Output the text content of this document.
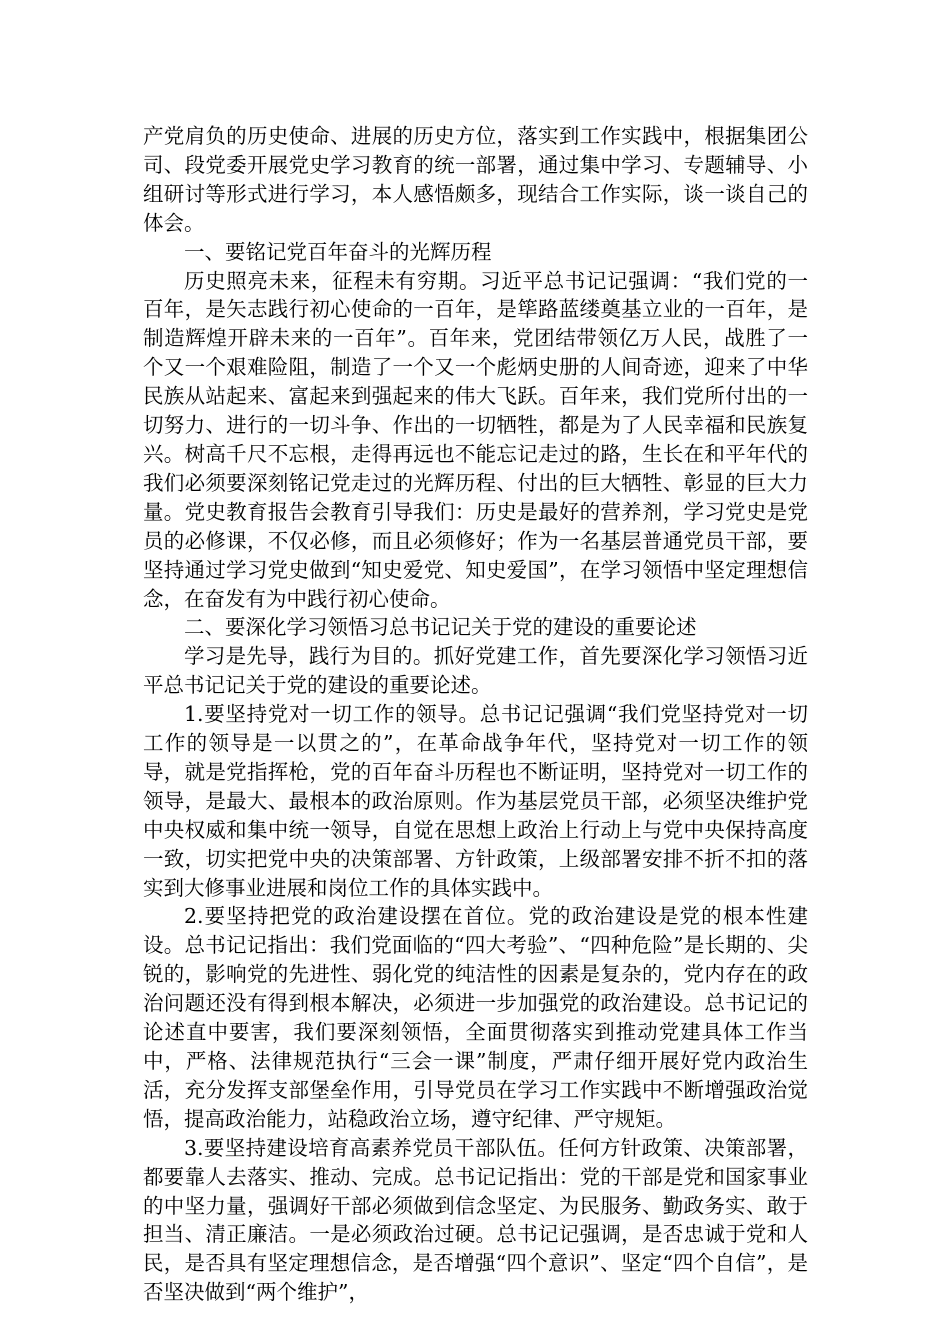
产党肩负的历史使命、进展的历史方位，落实到工作实践中，根据集团公司、段党委开展党史学习教育的统一部署，通过集中学习、专题辅导、小组研讨等形式进行学习，本人感悟颇多，现结合工作实际，谈一谈自己的体会。

一、要铭记党百年奋斗的光辉历程

历史照亮未来，征程未有穷期。习近平总书记记强调：“我们党的一百年，是矢志践行初心使命的一百年，是筚路蓝缕奠基立业的一百年，是制造辉煌开辟未来的一百年”。百年来，党团结带领亿万人民，战胜了一个又一个艰难险阻，制造了一个又一个彪炳史册的人间奇迹，迎来了中华民族从站起来、富起来到强起来的伟大飞跃。百年来，我们党所付出的一切努力、进行的一切斗争、作出的一切牺牲，都是为了人民幸福和民族复兴。树高千尺不忘根，走得再远也不能忘记走过的路，生长在和平年代的我们必须要深刻铭记党走过的光辉历程、付出的巨大牺牲、彰显的巨大力量。党史教育报告会教育引导我们：历史是最好的营养剂，学习党史是党员的必修课，不仅必修，而且必须修好；作为一名基层普通党员干部，要坚持通过学习党史做到“知史爱党、知史爱国”，在学习领悟中坚定理想信念，在奋发有为中践行初心使命。

二、要深化学习领悟习总书记记关于党的建设的重要论述

学习是先导，践行为目的。抓好党建工作，首先要深化学习领悟习近平总书记记关于党的建设的重要论述。

1.要坚持党对一切工作的领导。总书记记强调“我们党坚持党对一切工作的领导是一以贯之的”，在革命战争年代，坚持党对一切工作的领导，就是党指挥枪，党的百年奋斗历程也不断证明，坚持党对一切工作的领导，是最大、最根本的政治原则。作为基层党员干部，必须坚决维护党中央权威和集中统一领导，自觉在思想上政治上行动上与党中央保持高度一致，切实把党中央的决策部署、方针政策，上级部署安排不折不扣的落实到大修事业进展和岗位工作的具体实践中。

2.要坚持把党的政治建设摆在首位。党的政治建设是党的根本性建设。总书记记指出：我们党面临的“四大考验”、“四种危险”是长期的、尖锐的，影响党的先进性、弱化党的纯洁性的因素是复杂的，党内存在的政治问题还没有得到根本解决，必须进一步加强党的政治建设。总书记记的论述直中要害，我们要深刻领悟，全面贯彻落实到推动党建具体工作当中，严格、法律规范执行“三会一课”制度，严肃仔细开展好党内政治生活，充分发挥支部堡垒作用，引导党员在学习工作实践中不断增强政治觉悟，提高政治能力，站稳政治立场，遵守纪律、严守规矩。

3.要坚持建设培育高素养党员干部队伍。任何方针政策、决策部署，都要靠人去落实、推动、完成。总书记记指出：党的干部是党和国家事业的中坚力量，强调好干部必须做到信念坚定、为民服务、勤政务实、敢于担当、清正廉洁。一是必须政治过硬。总书记记强调，是否忠诚于党和人民，是否具有坚定理想信念，是否增强“四个意识”、坚定“四个自信”，是否坚决做到“两个维护”，
